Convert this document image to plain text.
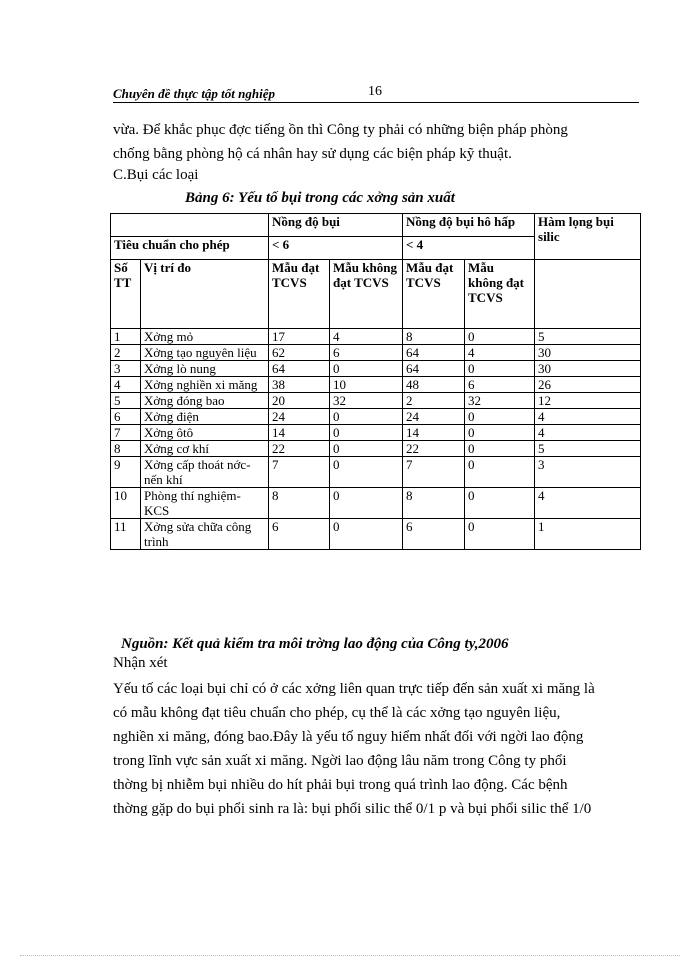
Chuyên đề thực tập tốt nghiệp	16
vừa. Để khắc phục đợc tiếng ồn thì Công ty phải có những biện pháp phòng
chống bằng phòng hộ cá nhân hay sử dụng các biện pháp kỹ thuật.
C.Bụi các loại
Bảng 6: Yếu tố bụi trong các xởng sản xuất
		Nồng độ bụi		Nồng độ bụi hô hấp		Hàm lọng bụi silic
Tiêu chuẩn cho phép		< 6		< 4		
Số TT	Vị trí đo	Mẫu đạt TCVS	Mẫu không đạt TCVS	Mẫu đạt TCVS	Mẫu không đạt TCVS	
1	Xởng mỏ	17	4	8	0	5
2	Xởng tạo nguyên liệu	62	6	64	4	30
3	Xởng lò nung	64	0	64	0	30
4	Xởng nghiền xi măng	38	10	48	6	26
5	Xởng đóng bao	20	32	2	32	12
6	Xởng điện	24	0	24	0	4
7	Xởng ôtô	14	0	14	0	4
8	Xởng cơ khí	22	0	22	0	5
9	Xởng cấp thoát nớc- nến khí	7	0	7	0	3
10	Phòng thí nghiệm-KCS	8	0	8	0	4
11	Xởng sửa chữa công trình	6	0	6	0	1
Nguồn: Kết quả kiểm tra môi trờng lao động của Công ty,2006
Nhận xét
Yếu tố các loại bụi chỉ có ở các xởng liên quan trực tiếp đến sản xuất xi măng là
có mẫu không đạt tiêu chuẩn cho phép, cụ thể là các xởng tạo nguyên liệu,
nghiền xi măng, đóng bao.Đây là yếu tố nguy hiểm nhất đối với ngời lao động
trong lĩnh vực sản xuất xi măng. Ngời lao động lâu năm trong Công ty phổi
thờng bị nhiễm bụi nhiều do hít phải bụi trong quá trình lao động. Các bệnh
thờng gặp do bụi phổi sinh ra là: bụi phổi silic thể 0/1 p và bụi phổi silic thể 1/0
